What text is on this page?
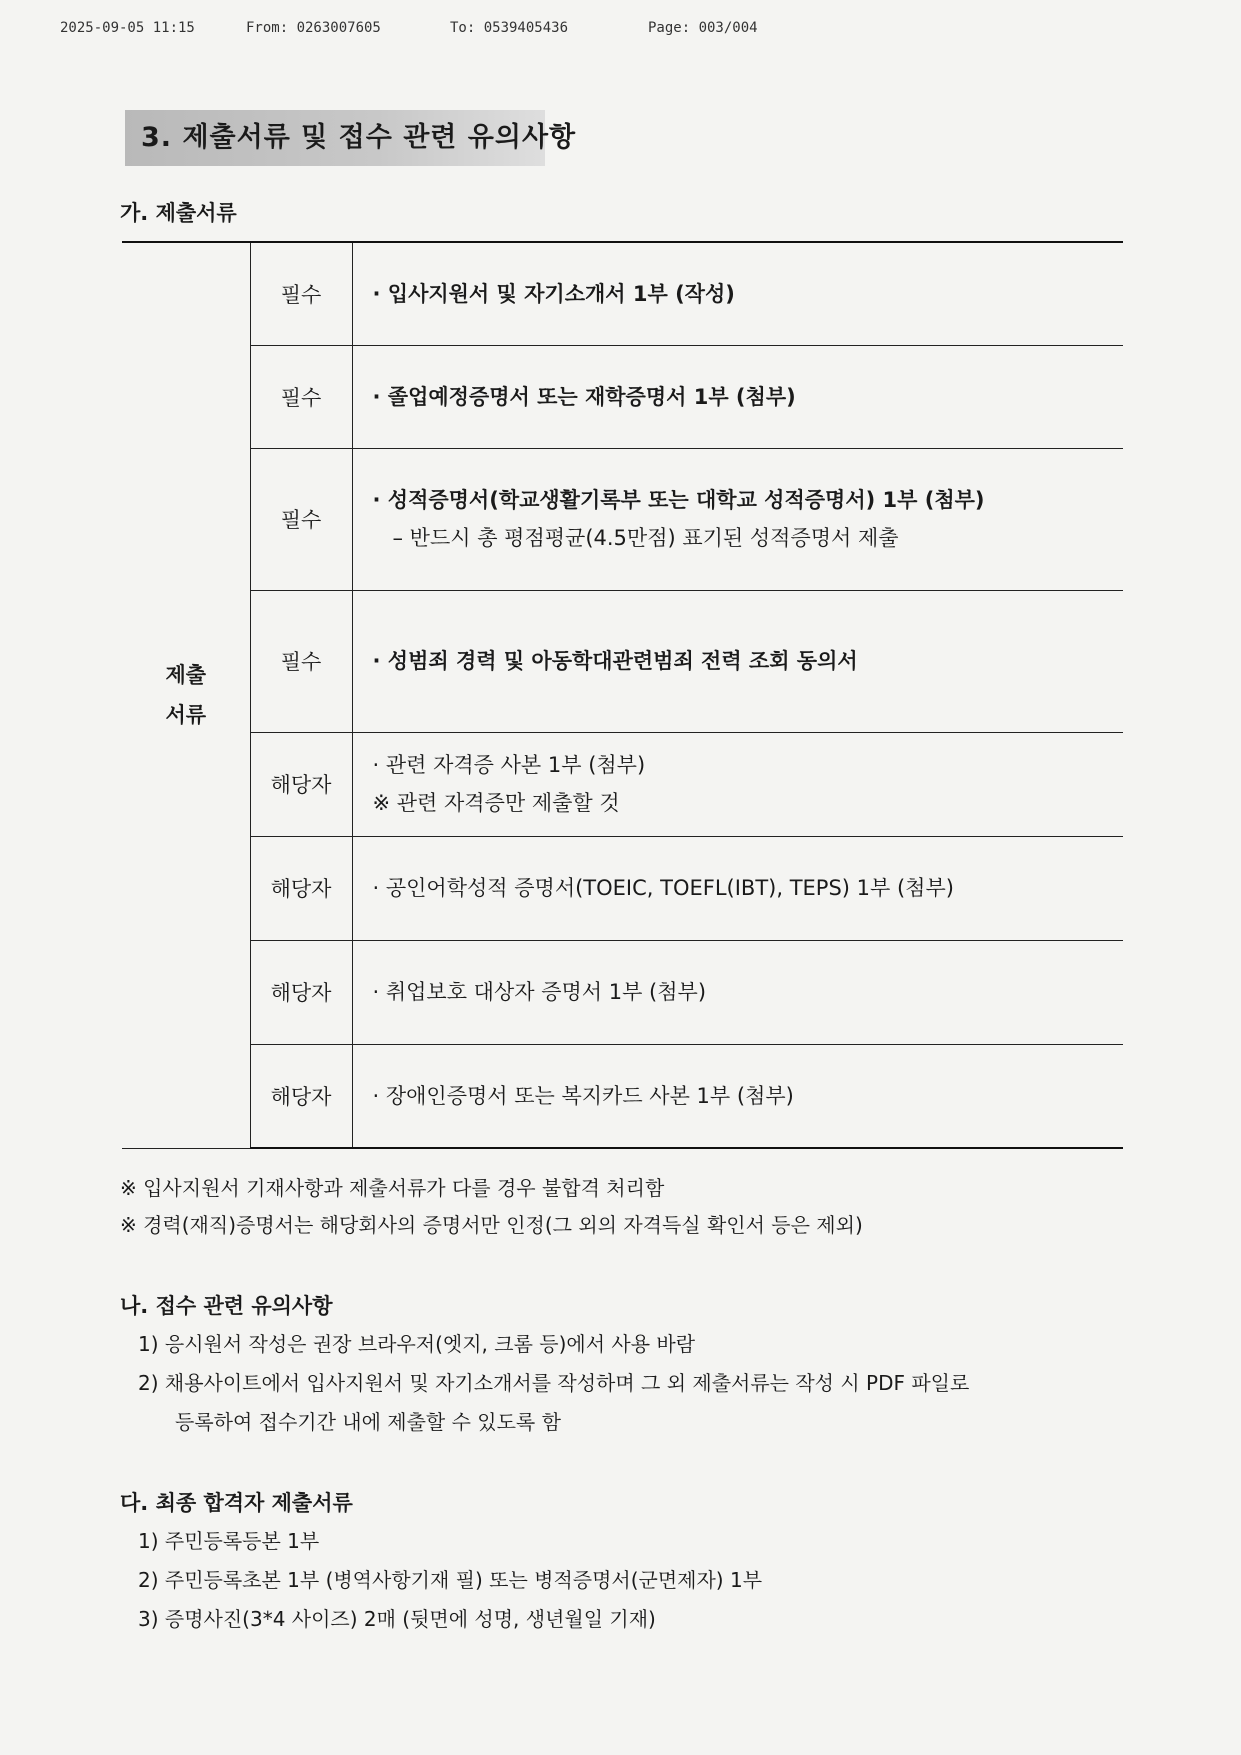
2025-09-05 11:15	From: 0263007605	To: 0539405436	Page: 003/004
3. 제출서류 및 접수 관련 유의사항
가. 제출서류
제출
서류	필수	· 입사지원서 및 자기소개서 1부 (작성)

	필수	· 졸업예정증명서 또는 재학증명서 1부 (첨부)

	필수	· 성적증명서(학교생활기록부 또는 대학교 성적증명서) 1부 (첨부)
– 반드시 총 평점평균(4.5만점) 표기된 성적증명서 제출

	필수	· 성범죄 경력 및 아동학대관련범죄 전력 조회 동의서

	해당자	· 관련 자격증 사본 1부 (첨부)
※ 관련 자격증만 제출할 것

	해당자	· 공인어학성적 증명서(TOEIC, TOEFL(IBT), TEPS) 1부 (첨부)

	해당자	· 취업보호 대상자 증명서 1부 (첨부)

	해당자	· 장애인증명서 또는 복지카드 사본 1부 (첨부)
※ 입사지원서 기재사항과 제출서류가 다를 경우 불합격 처리함
※ 경력(재직)증명서는 해당회사의 증명서만 인정(그 외의 자격득실 확인서 등은 제외)
나. 접수 관련 유의사항
1) 응시원서 작성은 권장 브라우저(엣지, 크롬 등)에서 사용 바람
2) 채용사이트에서 입사지원서 및 자기소개서를 작성하며 그 외 제출서류는 작성 시 PDF 파일로
등록하여 접수기간 내에 제출할 수 있도록 함
다. 최종 합격자 제출서류
1) 주민등록등본 1부
2) 주민등록초본 1부 (병역사항기재 필) 또는 병적증명서(군면제자) 1부
3) 증명사진(3*4 사이즈) 2매 (뒷면에 성명, 생년월일 기재)
